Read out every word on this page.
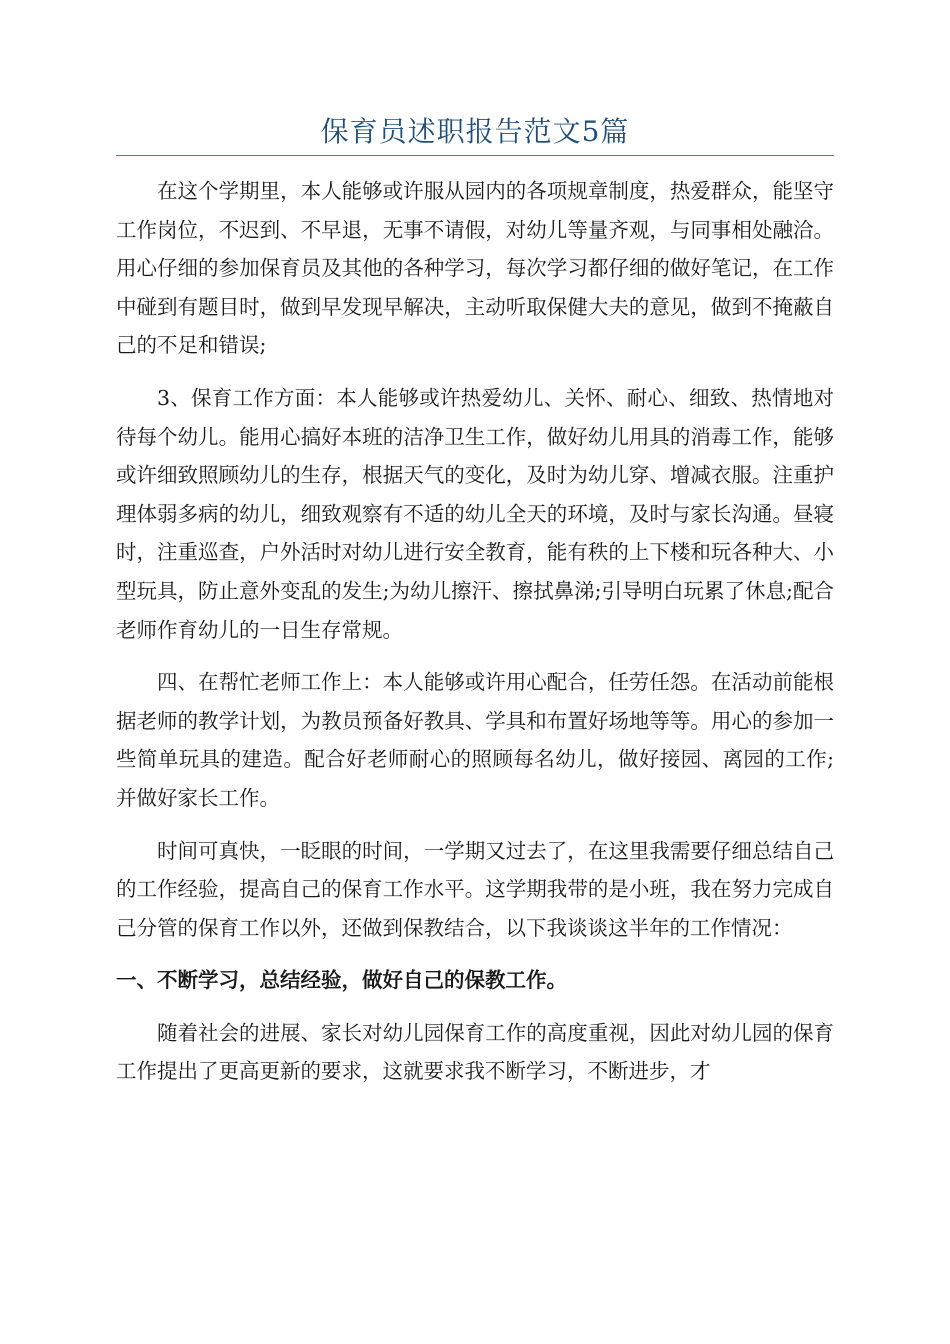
保育员述职报告范文5篇

在这个学期里，本人能够或许服从园内的各项规章制度，热爱群众，能坚守工作岗位，不迟到、不早退，无事不请假，对幼儿等量齐观，与同事相处融洽。用心仔细的参加保育员及其他的各种学习，每次学习都仔细的做好笔记，在工作中碰到有题目时，做到早发现早解决，主动听取保健大夫的意见，做到不掩蔽自己的不足和错误;

3、保育工作方面：本人能够或许热爱幼儿、关怀、耐心、细致、热情地对待每个幼儿。能用心搞好本班的洁净卫生工作，做好幼儿用具的消毒工作，能够或许细致照顾幼儿的生存，根据天气的变化，及时为幼儿穿、增减衣服。注重护理体弱多病的幼儿，细致观察有不适的幼儿全天的环境，及时与家长沟通。昼寝时，注重巡查，户外活时对幼儿进行安全教育，能有秩的上下楼和玩各种大、小型玩具，防止意外变乱的发生;为幼儿擦汗、擦拭鼻涕;引导明白玩累了休息;配合老师作育幼儿的一日生存常规。

四、在帮忙老师工作上：本人能够或许用心配合，任劳任怨。在活动前能根据老师的教学计划，为教员预备好教具、学具和布置好场地等等。用心的参加一些简单玩具的建造。配合好老师耐心的照顾每名幼儿，做好接园、离园的工作;并做好家长工作。

时间可真快，一眨眼的时间，一学期又过去了，在这里我需要仔细总结自己的工作经验，提高自己的保育工作水平。这学期我带的是小班，我在努力完成自己分管的保育工作以外，还做到保教结合，以下我谈谈这半年的工作情况：

一、不断学习，总结经验，做好自己的保教工作。

随着社会的进展、家长对幼儿园保育工作的高度重视，因此对幼儿园的保育工作提出了更高更新的要求，这就要求我不断学习，不断进步，才
